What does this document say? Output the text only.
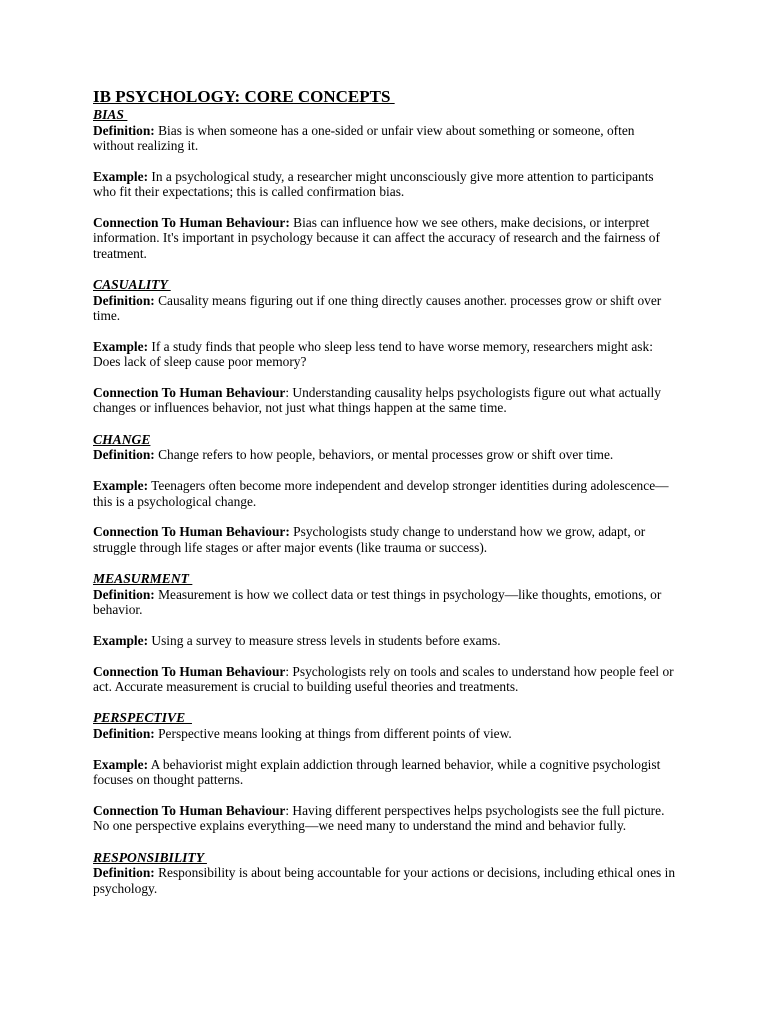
IB PSYCHOLOGY: CORE CONCEPTS
BIAS

Definition: Bias is when someone has a one-sided or unfair view about something or someone, often without realizing it.

Example: In a psychological study, a researcher might unconsciously give more attention to participants who fit their expectations; this is called confirmation bias.

Connection To Human Behaviour: Bias can influence how we see others, make decisions, or interpret information. It's important in psychology because it can affect the accuracy of research and the fairness of treatment.

CASUALITY

Definition: Causality means figuring out if one thing directly causes another. processes grow or shift over time.

Example: If a study finds that people who sleep less tend to have worse memory, researchers might ask: Does lack of sleep cause poor memory?

Connection To Human Behaviour: Understanding causality helps psychologists figure out what actually changes or influences behavior, not just what things happen at the same time.

CHANGE

Definition: Change refers to how people, behaviors, or mental processes grow or shift over time.

Example: Teenagers often become more independent and develop stronger identities during adolescence—this is a psychological change.

Connection To Human Behaviour: Psychologists study change to understand how we grow, adapt, or struggle through life stages or after major events (like trauma or success).

MEASURMENT

Definition: Measurement is how we collect data or test things in psychology—like thoughts, emotions, or behavior.

Example: Using a survey to measure stress levels in students before exams.

Connection To Human Behaviour: Psychologists rely on tools and scales to understand how people feel or act. Accurate measurement is crucial to building useful theories and treatments.

PERSPECTIVE

Definition: Perspective means looking at things from different points of view.

Example: A behaviorist might explain addiction through learned behavior, while a cognitive psychologist focuses on thought patterns.

Connection To Human Behaviour: Having different perspectives helps psychologists see the full picture. No one perspective explains everything—we need many to understand the mind and behavior fully.

RESPONSIBILITY

Definition: Responsibility is about being accountable for your actions or decisions, including ethical ones in psychology.
